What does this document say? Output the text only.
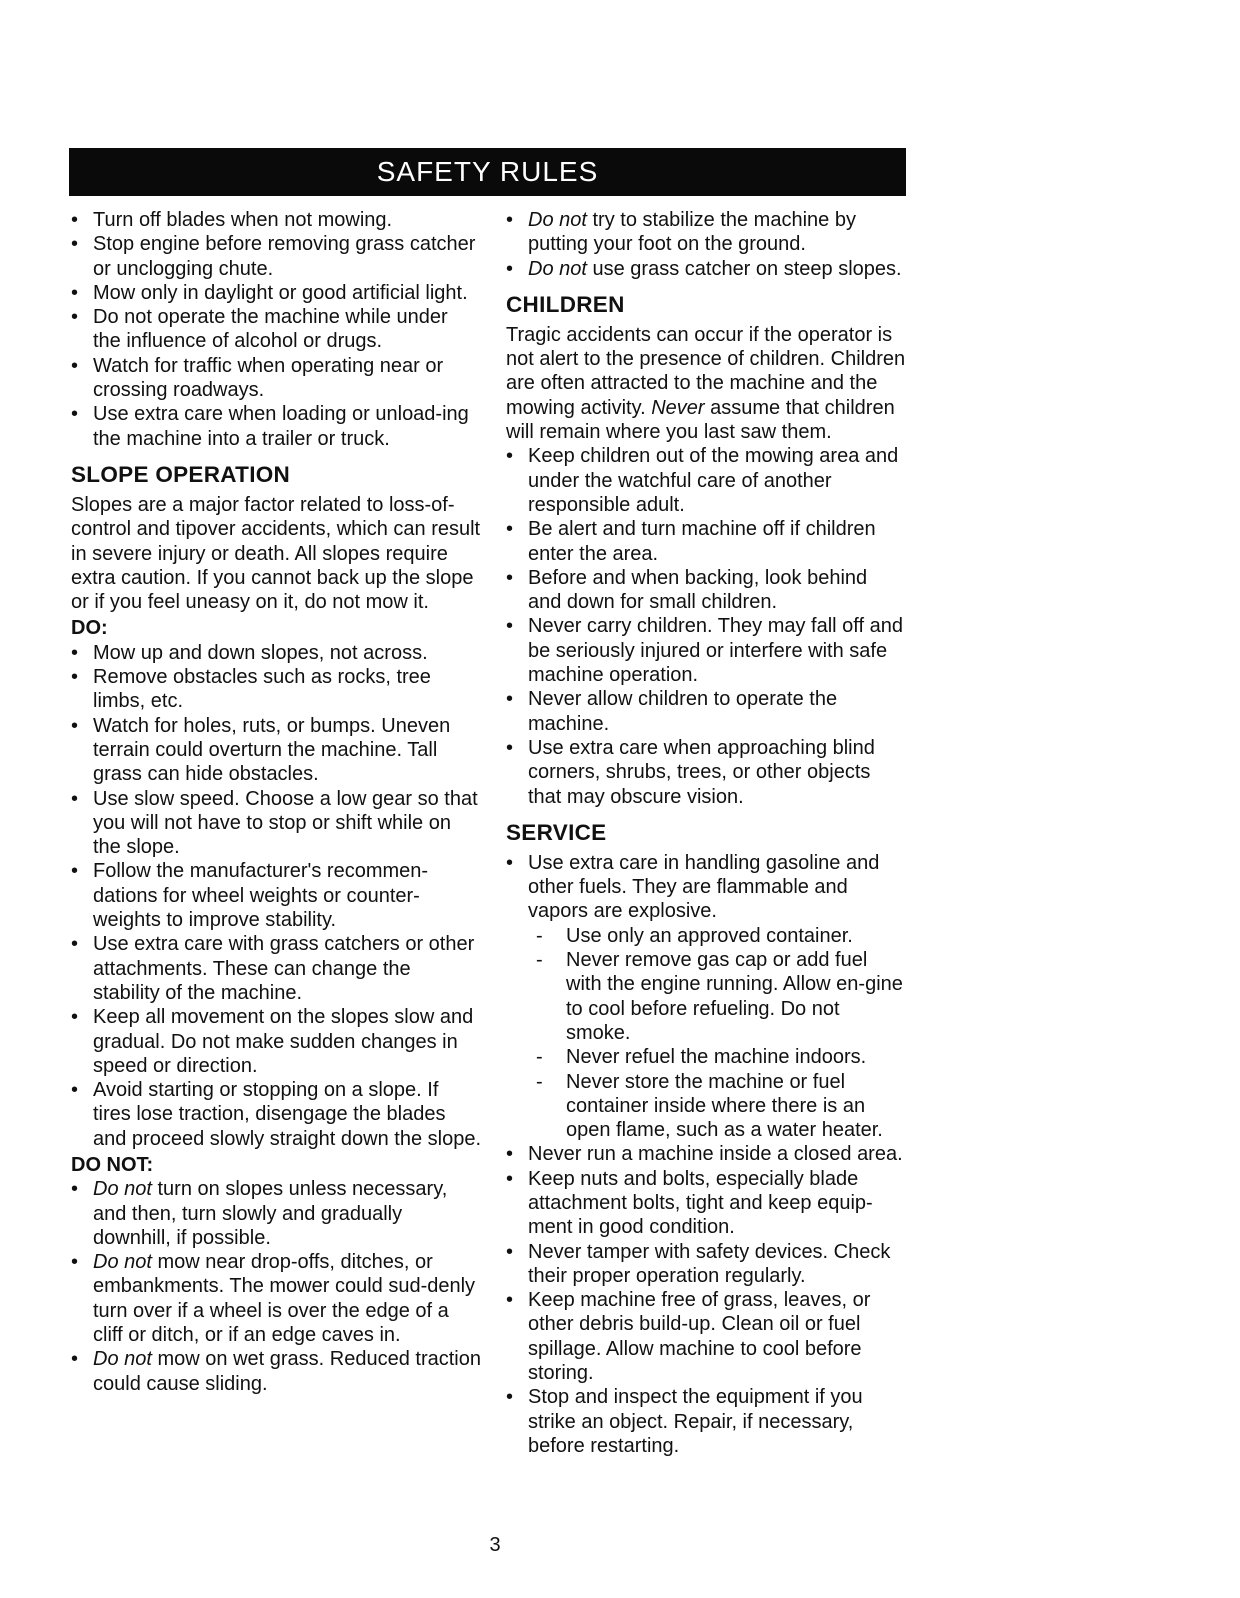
SAFETY RULES
• Turn off blades when not mowing.
• Stop engine before removing grass catcher or unclogging chute.
• Mow only in daylight or good artificial light.
• Do not operate the machine while under the influence of alcohol or drugs.
• Watch for traffic when operating near or crossing roadways.
• Use extra care when loading or unload-ing the machine into a trailer or truck.
SLOPE OPERATION

Slopes are a major factor related to loss-of-control and tipover accidents, which can result in severe injury or death. All slopes require extra caution. If you cannot back up the slope or if you feel uneasy on it, do not mow it.

DO:
• Mow up and down slopes, not across.
• Remove obstacles such as rocks, tree limbs, etc.
• Watch for holes, ruts, or bumps. Uneven terrain could overturn the machine. Tall grass can hide obstacles.
• Use slow speed. Choose a low gear so that you will not have to stop or shift while on the slope.
• Follow the manufacturer's recommen-dations for wheel weights or counter-weights to improve stability.
• Use extra care with grass catchers or other attachments. These can change the stability of the machine.
• Keep all movement on the slopes slow and gradual. Do not make sudden changes in speed or direction.
• Avoid starting or stopping on a slope. If tires lose traction, disengage the blades and proceed slowly straight down the slope.
DO NOT:
• Do not turn on slopes unless necessary, and then, turn slowly and gradually downhill, if possible.
• Do not mow near drop-offs, ditches, or embankments. The mower could sud-denly turn over if a wheel is over the edge of a cliff or ditch, or if an edge caves in.
• Do not mow on wet grass. Reduced traction could cause sliding.
• Do not try to stabilize the machine by putting your foot on the ground.
• Do not use grass catcher on steep slopes.
CHILDREN

Tragic accidents can occur if the operator is not alert to the presence of children. Children are often attracted to the machine and the mowing activity. Never assume that children will remain where you last saw them.

• Keep children out of the mowing area and under the watchful care of another responsible adult.
• Be alert and turn machine off if children enter the area.
• Before and when backing, look behind and down for small children.
• Never carry children. They may fall off and be seriously injured or interfere with safe machine operation.
• Never allow children to operate the machine.
• Use extra care when approaching blind corners, shrubs, trees, or other objects that may obscure vision.
SERVICE
• Use extra care in handling gasoline and other fuels. They are flammable and vapors are explosive.
- Use only an approved container.
- Never remove gas cap or add fuel with the engine running. Allow en-gine to cool before refueling. Do not smoke.
- Never refuel the machine indoors.
- Never store the machine or fuel container inside where there is an open flame, such as a water heater.
• Never run a machine inside a closed area.
• Keep nuts and bolts, especially blade attachment bolts, tight and keep equip-ment in good condition.
• Never tamper with safety devices. Check their proper operation regularly.
• Keep machine free of grass, leaves, or other debris build-up. Clean oil or fuel spillage. Allow machine to cool before storing.
• Stop and inspect the equipment if you strike an object. Repair, if necessary, before restarting.
3
